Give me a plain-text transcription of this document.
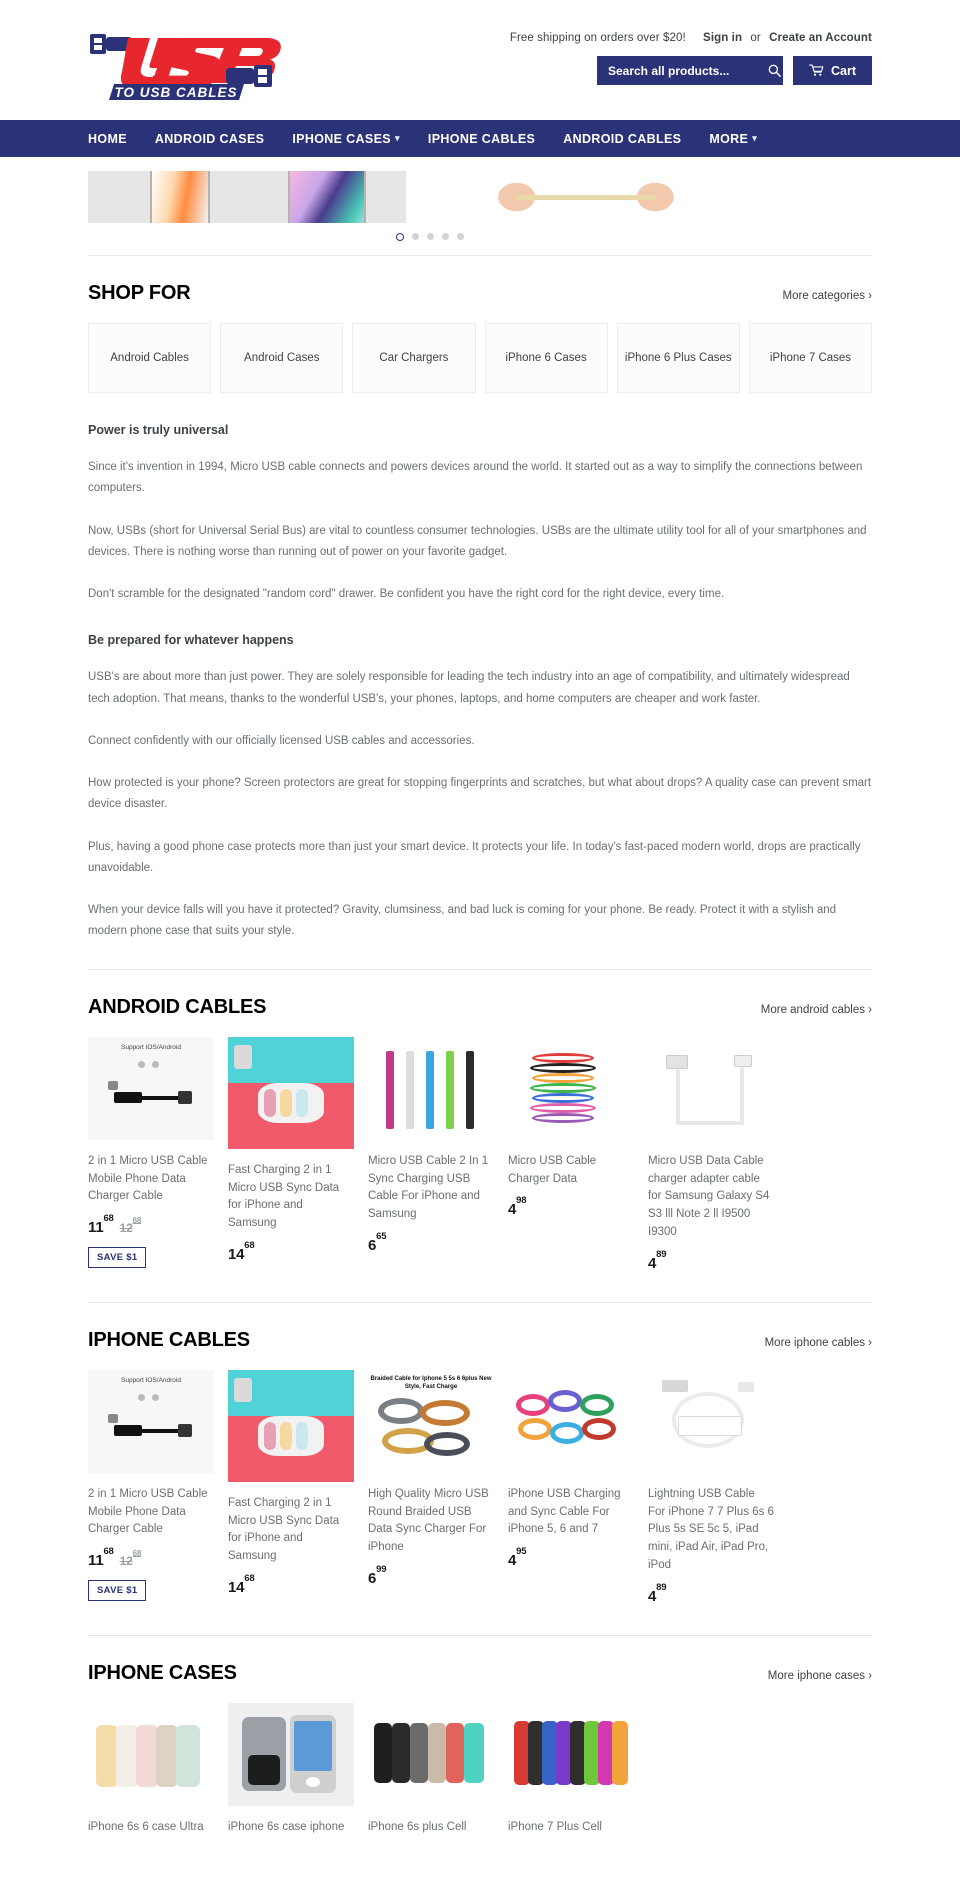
TO USB CABLES
Free shipping on orders over $20! Sign in or Create an Account
Search all products...
Cart
HOME ANDROID CASES IPHONE CASES ▾ IPHONE CABLES ANDROID CABLES MORE ▾
SHOP FOR	More categories ›
Android Cables	Android Cases	Car Chargers	iPhone 6 Cases	iPhone 6 Plus Cases	iPhone 7 Cases
Power is truly universal

Since it's invention in 1994, Micro USB cable connects and powers devices around the world. It started out as a way to simplify the connections between computers.

Now, USBs (short for Universal Serial Bus) are vital to countless consumer technologies. USBs are the ultimate utility tool for all of your smartphones and devices. There is nothing worse than running out of power on your favorite gadget.

Don't scramble for the designated "random cord" drawer. Be confident you have the right cord for the right device, every time.

Be prepared for whatever happens

USB's are about more than just power. They are solely responsible for leading the tech industry into an age of compatibility, and ultimately widespread tech adoption. That means, thanks to the wonderful USB's, your phones, laptops, and home computers are cheaper and work faster.

Connect confidently with our officially licensed USB cables and accessories.

How protected is your phone? Screen protectors are great for stopping fingerprints and scratches, but what about drops? A quality case can prevent smart device disaster.

Plus, having a good phone case protects more than just your smart device. It protects your life. In today's fast-paced modern world, drops are practically unavoidable.

When your device falls will you have it protected? Gravity, clumsiness, and bad luck is coming for your phone. Be ready. Protect it with a stylish and modern phone case that suits your style.

ANDROID CABLES	More android cables ›
Support IOS/Android
2 in 1 Micro USB Cable Mobile Phone Data Charger Cable
$11^{68}$
$12^{68}$
SAVE $1
Fast Charging 2 in 1 Micro USB Sync Data for iPhone and Samsung
$14^{68}$
Micro USB Cable 2 In 1 Sync Charging USB Cable For iPhone and Samsung
$6^{65}$
Micro USB Cable Charger Data
$4^{98}$
Micro USB Data Cable charger adapter cable for Samsung Galaxy S4 S3 lll Note 2 ll I9500 I9300
$4^{89}$
IPHONE CABLES	More iphone cables ›
Support IOS/Android
2 in 1 Micro USB Cable Mobile Phone Data Charger Cable
$11^{68}$
$12^{68}$
SAVE $1
Fast Charging 2 in 1 Micro USB Sync Data for iPhone and Samsung
$14^{68}$
Braided Cable for Iphone 5 5s 6 6plus New Style, Fast Charge
High Quality Micro USB Round Braided USB Data Sync Charger For iPhone
$6^{99}$
iPhone USB Charging and Sync Cable For iPhone 5, 6 and 7
$4^{95}$
Lightning USB Cable For iPhone 7 7 Plus 6s 6 Plus 5s SE 5c 5, iPad mini, iPad Air, iPad Pro, iPod
$4^{89}$
IPHONE CASES	More iphone cases ›
iPhone 6s 6 case Ultra	iPhone 6s case iphone	iPhone 6s plus Cell	iPhone 7 Plus Cell
